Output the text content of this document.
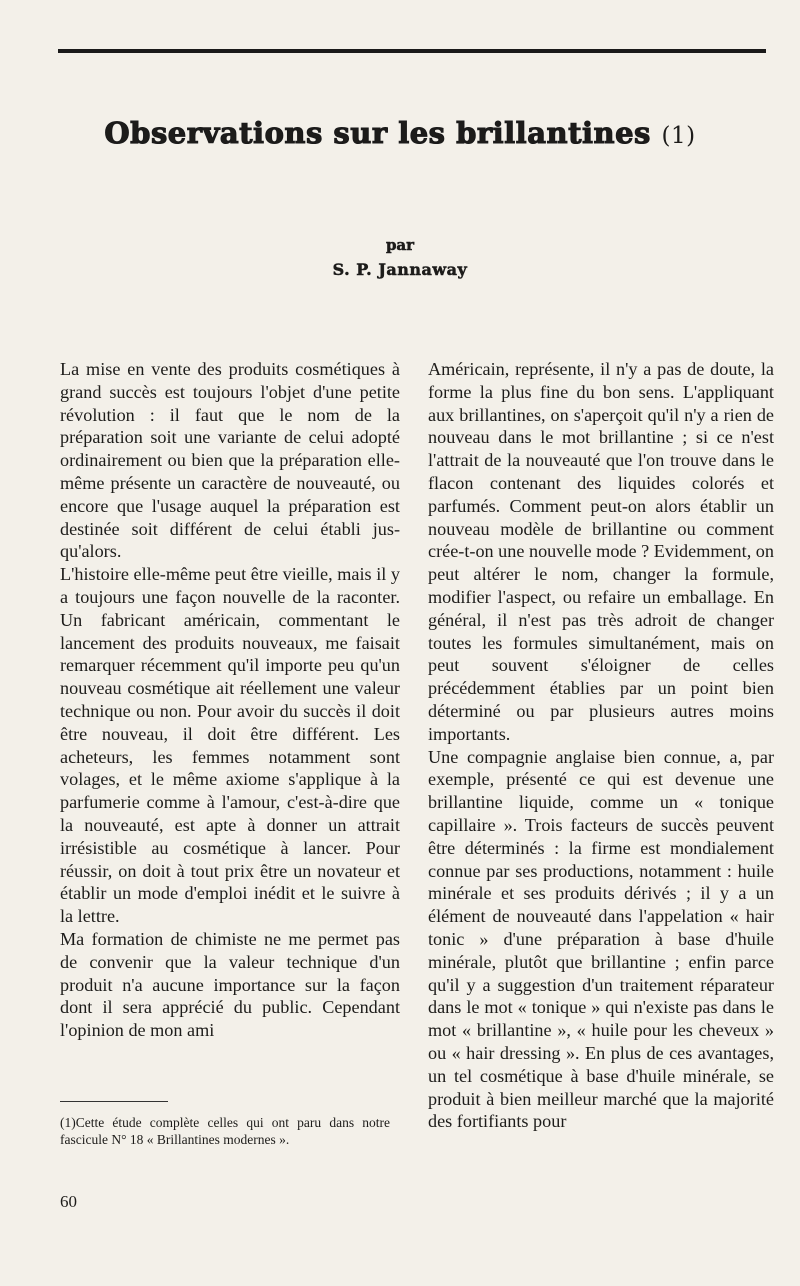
Observations sur les brillantines (1)
par
S. P. Jannaway

La mise en vente des produits cosmétiques à grand succès est toujours l'objet d'une petite révolution : il faut que le nom de la préparation soit une variante de celui adopté ordinairement ou bien que la préparation elle-même présente un caractère de nouveauté, ou encore que l'usage auquel la préparation est destinée soit différent de celui établi jusqu'alors.

L'histoire elle-même peut être vieille, mais il y a toujours une façon nouvelle de la raconter. Un fabricant américain, commentant le lancement des produits nouveaux, me faisait remarquer récemment qu'il importe peu qu'un nouveau cosmétique ait réellement une valeur technique ou non. Pour avoir du succès il doit être nouveau, il doit être différent. Les acheteurs, les femmes notamment sont volages, et le même axiome s'applique à la parfumerie comme à l'amour, c'est-à-dire que la nouveauté, est apte à donner un attrait irrésistible au cosmétique à lancer. Pour réussir, on doit à tout prix être un novateur et établir un mode d'emploi inédit et le suivre à la lettre.

Ma formation de chimiste ne me permet pas de convenir que la valeur technique d'un produit n'a aucune importance sur la façon dont il sera apprécié du public. Cependant l'opinion de mon ami

Américain, représente, il n'y a pas de doute, la forme la plus fine du bon sens. L'appliquant aux brillantines, on s'aperçoit qu'il n'y a rien de nouveau dans le mot brillantine ; si ce n'est l'attrait de la nouveauté que l'on trouve dans le flacon contenant des liquides colorés et parfumés. Comment peut-on alors établir un nouveau modèle de brillantine ou comment crée-t-on une nouvelle mode ? Evidemment, on peut altérer le nom, changer la formule, modifier l'aspect, ou refaire un emballage. En général, il n'est pas très adroit de changer toutes les formules simultanément, mais on peut souvent s'éloigner de celles précédemment établies par un point bien déterminé ou par plusieurs autres moins importants.

Une compagnie anglaise bien connue, a, par exemple, présenté ce qui est devenue une brillantine liquide, comme un « tonique capillaire ». Trois facteurs de succès peuvent être déterminés : la firme est mondialement connue par ses productions, notamment : huile minérale et ses produits dérivés ; il y a un élément de nouveauté dans l'appelation « hair tonic » d'une préparation à base d'huile minérale, plutôt que brillantine ; enfin parce qu'il y a suggestion d'un traitement réparateur dans le mot « tonique » qui n'existe pas dans le mot « brillantine », « huile pour les cheveux » ou « hair dressing ». En plus de ces avantages, un tel cosmétique à base d'huile minérale, se produit à bien meilleur marché que la majorité des fortifiants pour

(1)Cette étude complète celles qui ont paru dans notre fascicule N° 18 « Brillantines modernes ».
60
